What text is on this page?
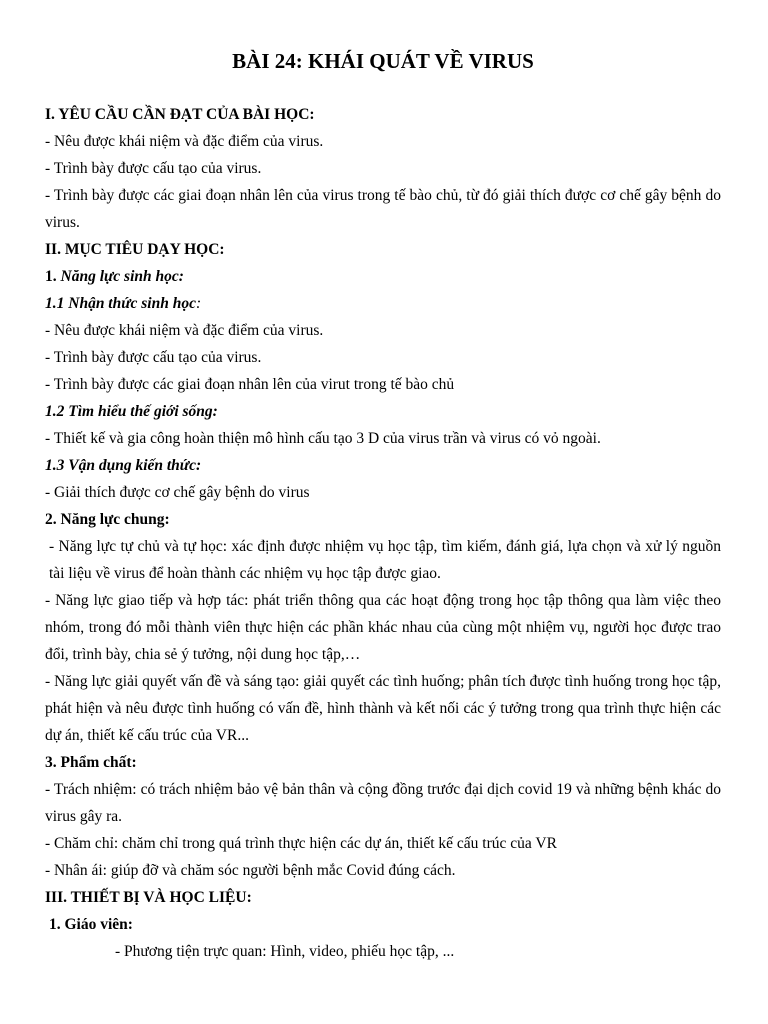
BÀI 24: KHÁI QUÁT VỀ VIRUS

I. YÊU CẦU CẦN ĐẠT CỦA BÀI HỌC:

- Nêu được khái niệm và đặc điểm của virus.

- Trình bày được cấu tạo của virus.

- Trình bày được các giai đoạn nhân lên của virus trong tế bào chủ, từ đó giải thích được cơ chế gây bệnh do virus.

II. MỤC TIÊU DẠY HỌC:

1. Năng lực sinh học:

1.1 Nhận thức sinh học:

- Nêu được khái niệm và đặc điểm của virus.

- Trình bày được cấu tạo của virus.

- Trình bày được các giai đoạn nhân lên của virut trong tế bào chủ

1.2 Tìm hiểu thế giới sống:

- Thiết kế và gia công hoàn thiện mô hình cấu tạo 3 D của virus trần và virus có vỏ ngoài.

1.3 Vận dụng kiến thức:

- Giải thích được cơ chế gây bệnh do virus

2. Năng lực chung:

- Năng lực tự chủ và tự học: xác định được nhiệm vụ học tập, tìm kiếm, đánh giá, lựa chọn và xử lý nguồn tài liệu về virus để hoàn thành các nhiệm vụ học tập được giao.

- Năng lực giao tiếp và hợp tác: phát triển thông qua các hoạt động trong học tập thông qua làm việc theo nhóm, trong đó mỗi thành viên thực hiện các phần khác nhau của cùng một nhiệm vụ, người học được trao đổi, trình bày, chia sẻ ý tưởng, nội dung học tập,…

- Năng lực giải quyết vấn đề và sáng tạo: giải quyết các tình huống; phân tích được tình huống trong học tập, phát hiện và nêu được tình huống có vấn đề, hình thành và kết nối các ý tưởng trong qua trình thực hiện các dự án, thiết kế cấu trúc của VR...

3. Phẩm chất:

- Trách nhiệm: có trách nhiệm bảo vệ bản thân và cộng đồng trước đại dịch covid 19 và những bệnh khác do virus gây ra.

- Chăm chỉ: chăm chỉ trong quá trình thực hiện các dự án, thiết kế cấu trúc của VR

- Nhân ái: giúp đỡ và chăm sóc người bệnh mắc Covid đúng cách.

III. THIẾT BỊ VÀ HỌC LIỆU:

1. Giáo viên:

- Phương tiện trực quan: Hình, video, phiếu học tập, ...
